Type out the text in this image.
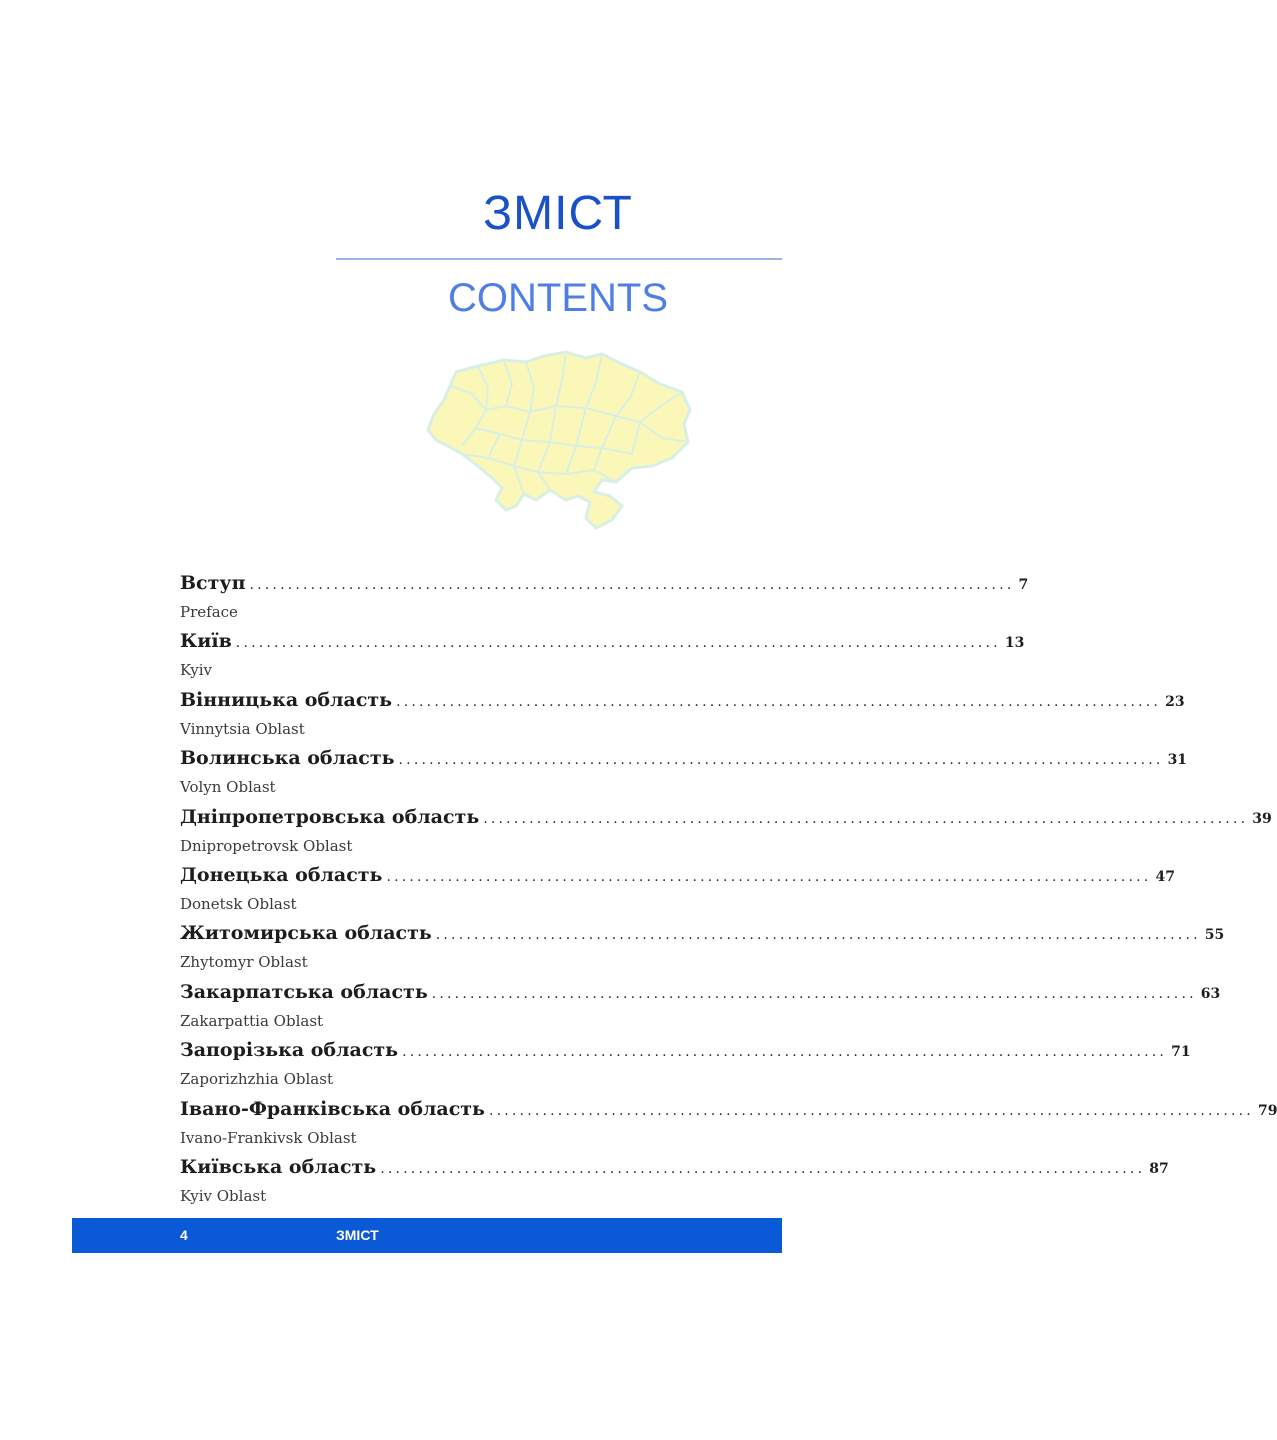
ЗМІСТ
CONTENTS
Вступ .................................................................................................... 7
Preface
Київ .................................................................................................... 13
Kyiv
Вінницька область .................................................................................................... 23
Vinnytsia Oblast
Волинська область .................................................................................................... 31
Volyn Oblast
Дніпропетровська область .................................................................................................... 39
Dnipropetrovsk Oblast
Донецька область .................................................................................................... 47
Donetsk Oblast
Житомирська область .................................................................................................... 55
Zhytomyr Oblast
Закарпатська область .................................................................................................... 63
Zakarpattia Oblast
Запорізька область .................................................................................................... 71
Zaporizhzhia Oblast
Івано-Франківська область .................................................................................................... 79
Ivano-Frankivsk Oblast
Київська область .................................................................................................... 87
Kyiv Oblast
4	ЗМІСТ
